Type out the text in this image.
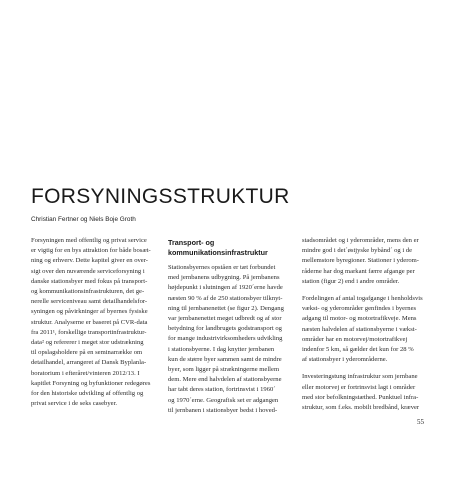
FORSYNINGSSTRUKTUR
Christian Fertner og Niels Boje Groth
Forsyningen med offentlig og privat service
er vigtig for en bys attraktion for både bosæt-
ning og erhverv. Dette kapitel giver en over-
sigt over den nuværende serviceforsyning i
danske stationsbyer med fokus på transport-
og kommunikationsinfrastrukturen, det ge-
nerelle serviceniveau samt detailhandelsfor-
syningen og påvirkninger af byernes fysiske
struktur. Analyserne er baseret på CVR-data
fra 2011¹, forskellige transportinfrastruktur-
data² og refererer i meget stor udstrækning
til opslagsholdere på en seminarrække om
detailhandel, arrangeret af Dansk Byplanla-
boratorium i efteråret/vinteren 2012/13. I
kapitlet Forsyning og byfunktioner redegøres
for den historiske udvikling af offentlig og
privat service i de seks casebyer.
Transport- og
kommunikationsinfrastruktur
Stationsbyernes opståen er tæt forbundet
med jernbanens udbygning. På jernbanens
højdepunkt i slutningen af 1920´erne havde
næsten 90 % af de 250 stationsbyer tilknyt-
ning til jernbanenettet (se figur 2). Dengang
var jernbanenettet meget udbredt og af stor
betydning for landbrugets godstransport og
for mange industrivirksomheders udvikling
i stationsbyerne. I dag knytter jernbanen
kun de større byer sammen samt de mindre
byer, som ligger på strækningerne mellem
dem. Mere end halvdelen af stationsbyerne
har tabt deres station, fortrinsvist i 1960´
og 1970´erne. Geografisk set er adgangen
til jernbanen i stationsbyer bedst i hoved-
stadsområdet og i yderområder, mens den er
mindre god i det´østjyske bybånd´ og i de
mellemstore byregioner. Stationer i yderom-
råderne har dog markant færre afgange per
station (figur 2) end i andre områder.
Fordelingen af antal togafgange i henholdsvis
vækst- og yderområder genfindes i byernes
adgang til motor- og motortrafikveje. Mens
næsten halvdelen af stationsbyerne i vækst-
områder har en motorvej/motortrafikvej
indenfor 5 km, så gælder det kun for 28 %
af stationsbyer i yderområderne.
Investeringstung infrastruktur som jernbane
eller motorvej er fortrinsvist lagt i områder
med stor befolkningstæthed. Punktuel infra-
struktur, som f.eks. mobilt bredbånd, kræver
55
